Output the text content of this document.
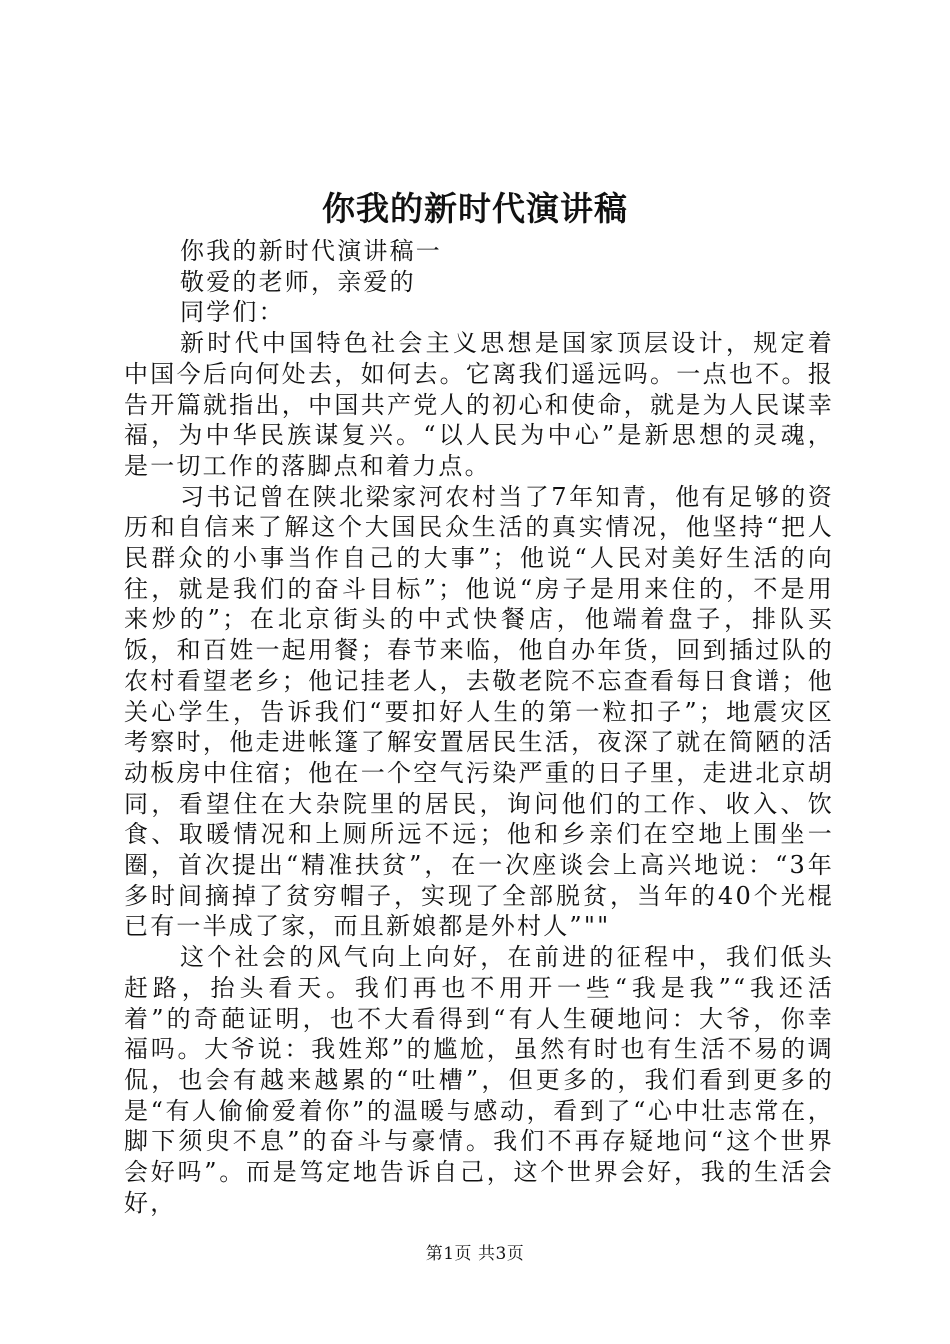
你我的新时代演讲稿

你我的新时代演讲稿一

敬爱的老师，亲爱的

同学们：

新时代中国特色社会主义思想是国家顶层设计，规定着中国今后向何处去，如何去。它离我们遥远吗。一点也不。报告开篇就指出，中国共产党人的初心和使命，就是为人民谋幸福，为中华民族谋复兴。“以人民为中心”是新思想的灵魂，是一切工作的落脚点和着力点。

习书记曾在陕北梁家河农村当了7年知青，他有足够的资历和自信来了解这个大国民众生活的真实情况，他坚持“把人民群众的小事当作自己的大事”；他说“人民对美好生活的向往，就是我们的奋斗目标”；他说“房子是用来住的，不是用来炒的”；在北京街头的中式快餐店，他端着盘子，排队买饭，和百姓一起用餐；春节来临，他自办年货，回到插过队的农村看望老乡；他记挂老人，去敬老院不忘查看每日食谱；他关心学生，告诉我们“要扣好人生的第一粒扣子”；地震灾区考察时，他走进帐篷了解安置居民生活，夜深了就在简陋的活动板房中住宿；他在一个空气污染严重的日子里，走进北京胡同，看望住在大杂院里的居民，询问他们的工作、收入、饮食、取暖情况和上厕所远不远；他和乡亲们在空地上围坐一圈，首次提出“精准扶贫”，在一次座谈会上高兴地说：“3年多时间摘掉了贫穷帽子，实现了全部脱贫，当年的40个光棍已有一半成了家，而且新娘都是外村人”""

这个社会的风气向上向好，在前进的征程中，我们低头赶路，抬头看天。我们再也不用开一些“我是我”“我还活着”的奇葩证明，也不大看得到“有人生硬地问：大爷，你幸福吗。大爷说：我姓郑”的尴尬，虽然有时也有生活不易的调侃，也会有越来越累的“吐槽”，但更多的，我们看到更多的是“有人偷偷爱着你”的温暖与感动，看到了“心中壮志常在，脚下须臾不息”的奋斗与豪情。我们不再存疑地问“这个世界会好吗”。而是笃定地告诉自己，这个世界会好，我的生活会好，

第1页 共3页
